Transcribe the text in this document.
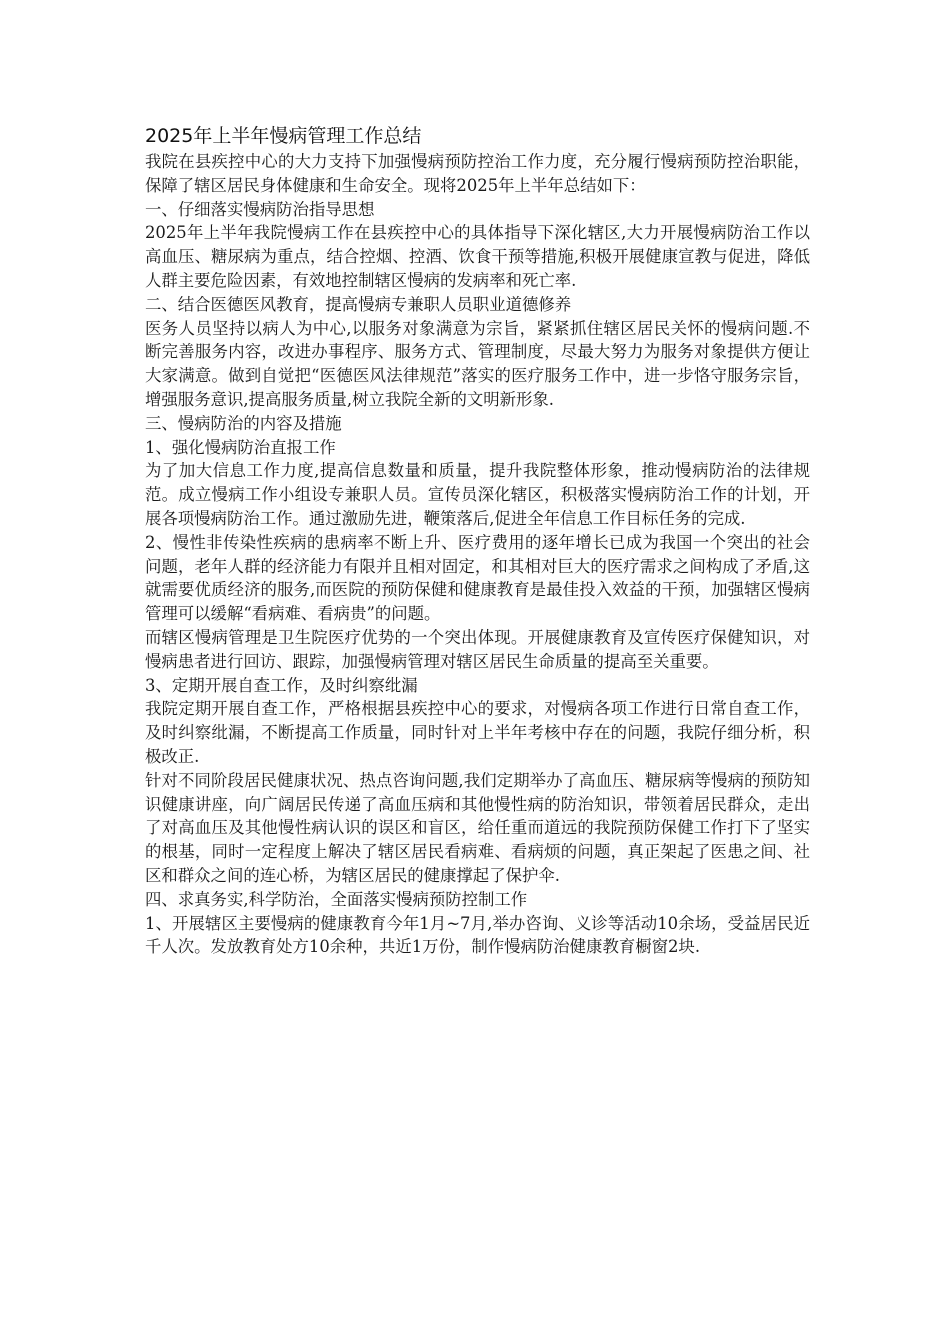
2025年上半年慢病管理工作总结

我院在县疾控中心的大力支持下加强慢病预防控治工作力度，充分履行慢病预防控治职能，保障了辖区居民身体健康和生命安全。现将2025年上半年总结如下：

一、仔细落实慢病防治指导思想

2025年上半年我院慢病工作在县疾控中心的具体指导下深化辖区,大力开展慢病防治工作以高血压、糖尿病为重点，结合控烟、控酒、饮食干预等措施,积极开展健康宣教与促进，降低人群主要危险因素，有效地控制辖区慢病的发病率和死亡率.

二、结合医德医风教育，提高慢病专兼职人员职业道德修养

医务人员坚持以病人为中心,以服务对象满意为宗旨，紧紧抓住辖区居民关怀的慢病问题.不断完善服务内容，改进办事程序、服务方式、管理制度，尽最大努力为服务对象提供方便让大家满意。做到自觉把“医德医风法律规范”落实的医疗服务工作中，进一步恪守服务宗旨，增强服务意识,提高服务质量,树立我院全新的文明新形象.

三、慢病防治的内容及措施

1、强化慢病防治直报工作

为了加大信息工作力度,提高信息数量和质量，提升我院整体形象，推动慢病防治的法律规范。成立慢病工作小组设专兼职人员。宣传员深化辖区，积极落实慢病防治工作的计划，开展各项慢病防治工作。通过激励先进，鞭策落后,促进全年信息工作目标任务的完成.

2、慢性非传染性疾病的患病率不断上升、医疗费用的逐年增长已成为我国一个突出的社会问题，老年人群的经济能力有限并且相对固定，和其相对巨大的医疗需求之间构成了矛盾,这就需要优质经济的服务,而医院的预防保健和健康教育是最佳投入效益的干预，加强辖区慢病管理可以缓解“看病难、看病贵”的问题。

而辖区慢病管理是卫生院医疗优势的一个突出体现。开展健康教育及宣传医疗保健知识，对慢病患者进行回访、跟踪，加强慢病管理对辖区居民生命质量的提高至关重要。

3、定期开展自查工作，及时纠察纰漏

我院定期开展自查工作，严格根据县疾控中心的要求，对慢病各项工作进行日常自查工作，及时纠察纰漏，不断提高工作质量，同时针对上半年考核中存在的问题，我院仔细分析，积极改正.

针对不同阶段居民健康状况、热点咨询问题,我们定期举办了高血压、糖尿病等慢病的预防知识健康讲座，向广阔居民传递了高血压病和其他慢性病的防治知识，带领着居民群众，走出了对高血压及其他慢性病认识的误区和盲区，给任重而道远的我院预防保健工作打下了坚实的根基，同时一定程度上解决了辖区居民看病难、看病烦的问题，真正架起了医患之间、社区和群众之间的连心桥，为辖区居民的健康撑起了保护伞.

四、求真务实,科学防治，全面落实慢病预防控制工作

1、开展辖区主要慢病的健康教育今年1月~7月,举办咨询、义诊等活动10余场，受益居民近千人次。发放教育处方10余种，共近1万份，制作慢病防治健康教育橱窗2块.
